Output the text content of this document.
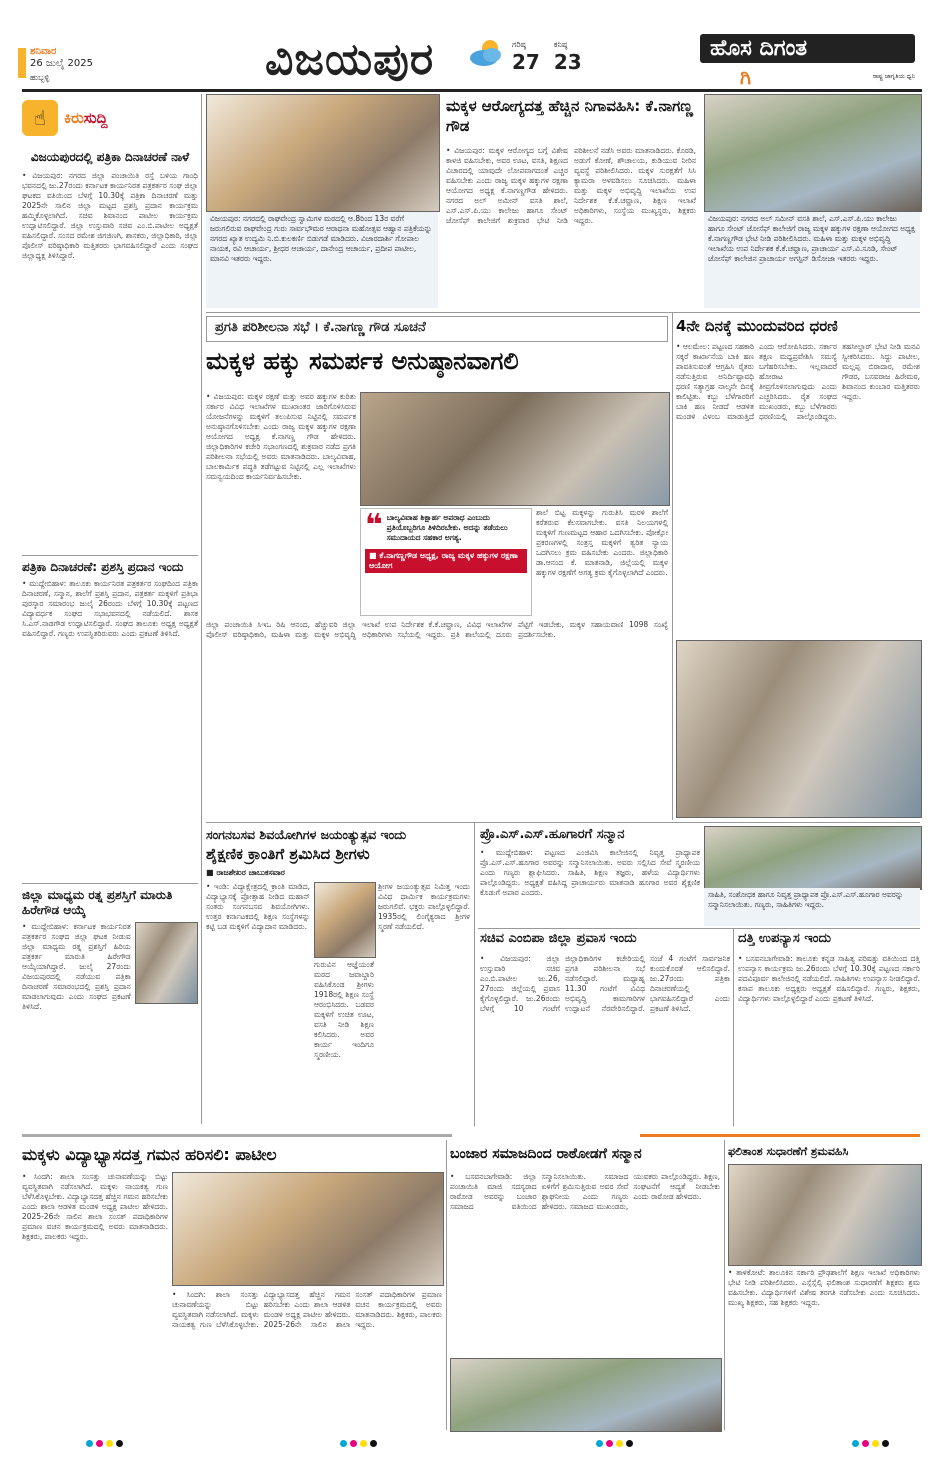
ಶನಿವಾರ
26 ಜುಲೈ 2025
ಹುಬ್ಬಳ್ಳಿ	ವಿಜಯಪುರ	ಗರಿಷ್ಠ
27
ಕನಿಷ್ಠ
23
ಹೊಸ ದಿಗಂತ
ಗಿ	ರಾಷ್ಟ್ರ ಜಾಗೃತಿಯ ಧ್ವನಿ
☝	ಕಿರುಸುದ್ದಿ
ವಿಜಯಪುರದಲ್ಲಿ ಪತ್ರಿಕಾ ದಿನಾಚರಣೆ ನಾಳೆ
• ವಿಜಯಪುರ: ನಗರದ ಜಿಲ್ಲಾ ಪಂಚಾಯಿತಿ ರಸ್ತೆ ಬಳಿಯ ಗಾಂಧಿ ಭವನದಲ್ಲಿ ಜು.27ರಂದು ಕರ್ನಾಟಕ ಕಾರ್ಯನಿರತ ಪತ್ರಕರ್ತರ ಸಂಘ ಜಿಲ್ಲಾ ಘಟಕದ ವತಿಯಿಂದ ಬೆಳಗ್ಗೆ 10.30ಕ್ಕೆ ಪತ್ರಿಕಾ ದಿನಾಚರಣೆ ಮತ್ತು 2025ನೇ ಸಾಲಿನ ಜಿಲ್ಲಾ ಮಟ್ಟದ ಪ್ರಶಸ್ತಿ ಪ್ರದಾನ ಕಾರ್ಯಕ್ರಮ ಹಮ್ಮಿಕೊಳ್ಳಲಾಗಿದೆ. ಸಚಿವ ಶಿವಾನಂದ ಪಾಟೀಲ ಕಾರ್ಯಕ್ರಮ ಉದ್ಘಾಟಿಸಲಿದ್ದಾರೆ. ಜಿಲ್ಲಾ ಉಸ್ತುವಾರಿ ಸಚಿವ ಎಂ.ಬಿ.ಪಾಟೀಲ ಅಧ್ಯಕ್ಷತೆ ವಹಿಸಲಿದ್ದಾರೆ. ಸಂಸದ ರಮೇಶ ಜಿಗಜಿಣಗಿ, ಶಾಸಕರು, ಜಿಲ್ಲಾಧಿಕಾರಿ, ಜಿಲ್ಲಾ ಪೊಲೀಸ್ ವರಿಷ್ಠಾಧಿಕಾರಿ ಮತ್ತಿತರರು ಭಾಗವಹಿಸಲಿದ್ದಾರೆ ಎಂದು ಸಂಘದ ಜಿಲ್ಲಾಧ್ಯಕ್ಷ ತಿಳಿಸಿದ್ದಾರೆ.
ಪತ್ರಿಕಾ ದಿನಾಚರಣೆ: ಪ್ರಶಸ್ತಿ ಪ್ರದಾನ ಇಂದು
• ಮುದ್ದೇಬಿಹಾಳ: ತಾಲೂಕು ಕಾರ್ಯನಿರತ ಪತ್ರಕರ್ತರ ಸಂಘದಿಂದ ಪತ್ರಿಕಾ ದಿನಾಚರಣೆ, ಸನ್ಮಾನ, ಶಾಲೆಗೆ ಪ್ರಶಸ್ತಿ ಪ್ರದಾನ, ಪತ್ರಕರ್ತ ಮಕ್ಕಳಿಗೆ ಪ್ರತಿಭಾ ಪುರಸ್ಕಾರ ಸಮಾರಂಭ ಜುಲೈ 26ರಂದು ಬೆಳಗ್ಗೆ 10.30ಕ್ಕೆ ಪಟ್ಟಣದ ವಿದ್ಯಾವರ್ಧಕ ಸಂಘದ ಸಭಾಭವನದಲ್ಲಿ ನಡೆಯಲಿದೆ. ಶಾಸಕ ಸಿ.ಎಸ್.ನಾಡಗೌಡ ಉದ್ಘಾಟಿಸಲಿದ್ದಾರೆ. ಸಂಘದ ತಾಲೂಕು ಅಧ್ಯಕ್ಷ ಅಧ್ಯಕ್ಷತೆ ವಹಿಸಲಿದ್ದಾರೆ. ಗಣ್ಯರು ಉಪಸ್ಥಿತರಿರುವರು ಎಂದು ಪ್ರಕಟಣೆ ತಿಳಿಸಿದೆ.
ಜಿಲ್ಲಾ ಮಾಧ್ಯಮ ರತ್ನ ಪ್ರಶಸ್ತಿಗೆ ಮಾರುತಿ ಹಿರೇಗೌಡ ಆಯ್ಕೆ
• ಮುದ್ದೇಬಿಹಾಳ: ಕರ್ನಾಟಕ ಕಾರ್ಯನಿರತ ಪತ್ರಕರ್ತರ ಸಂಘದ ಜಿಲ್ಲಾ ಘಟಕ ನೀಡುವ ಜಿಲ್ಲಾ ಮಾಧ್ಯಮ ರತ್ನ ಪ್ರಶಸ್ತಿಗೆ ಹಿರಿಯ ಪತ್ರಕರ್ತ ಮಾರುತಿ ಹಿರೇಗೌಡ ಆಯ್ಕೆಯಾಗಿದ್ದಾರೆ. ಜುಲೈ 27ರಂದು ವಿಜಯಪುರದಲ್ಲಿ ನಡೆಯುವ ಪತ್ರಿಕಾ ದಿನಾಚರಣೆ ಸಮಾರಂಭದಲ್ಲಿ ಪ್ರಶಸ್ತಿ ಪ್ರದಾನ ಮಾಡಲಾಗುವುದು ಎಂದು ಸಂಘದ ಪ್ರಕಟಣೆ ತಿಳಿಸಿದೆ.
ವಿಜಯಪುರ: ನಗರದಲ್ಲಿ ರಾಘವೇಂದ್ರ ಸ್ವಾಮಿಗಳ ಮಠದಲ್ಲಿ ಆ.8ರಿಂದ 13ರ ವರೆಗೆ ಜರುಗಲಿರುವ ರಾಘವೇಂದ್ರ ಗುರು ಸಾರ್ವಭೌಮರ ಆರಾಧನಾ ಮಹೋತ್ಸವ ಆಹ್ವಾನ ಪತ್ರಿಕೆಯನ್ನು ನಗರದ ಖ್ಯಾತ ಉದ್ಯಮಿ ನಿ.ಬಿ.ಕುಲಕರ್ಣಿ ಬಿಡುಗಡೆ ಮಾಡಿದರು. ವಿಜಾರದಾರ್ಶಿ ಗೋಪಾಲ ನಾಯಕ, ರವಿ ಆಚಾರ್ಯ, ಶ್ರೀಧರ ಆಚಾರ್ಯ, ದಾನೇಂದ್ರ ಆಚಾರ್ಯ, ಪ್ರದೀಪ ಪಾಟೀಲ, ಮಾನವಿ ಇತರರು ಇದ್ದರು.
ಮಕ್ಕಳ ಆರೋಗ್ಯದತ್ತ ಹೆಚ್ಚಿನ ನಿಗಾವಹಿಸಿ: ಕೆ.ನಾಗಣ್ಣ ಗೌಡ
• ವಿಜಯಪುರ: ಮಕ್ಕಳ ಆರೋಗ್ಯದ ಬಗ್ಗೆ ವಿಶೇಷ ಕಾಳಜಿ ವಹಿಸಬೇಕು, ಅವರ ಊಟ, ವಸತಿ, ಶಿಕ್ಷಣದ ವಿಚಾರದಲ್ಲಿ ಯಾವುದೇ ಲೋಪವಾಗದಂತೆ ಎಚ್ಚರ ವಹಿಸಬೇಕು ಎಂದು ರಾಜ್ಯ ಮಕ್ಕಳ ಹಕ್ಕುಗಳ ರಕ್ಷಣಾ ಆಯೋಗದ ಅಧ್ಯಕ್ಷ ಕೆ.ನಾಗಣ್ಣಗೌಡ ಹೇಳಿದರು. ನಗರದ ಅಲ್ ಅಮೀನ್ ವಸತಿ ಶಾಲೆ, ಎಸ್.ಎಸ್.ಪಿ.ಯು ಕಾಲೇಜು ಹಾಗೂ ಸೇಂಟ್ ಜೋಸೆಫ್ ಕಾಲೇಜಿಗೆ ಶುಕ್ರವಾರ ಭೇಟಿ ನೀಡಿ ಪರಿಶೀಲನೆ ನಡೆಸಿ ಅವರು ಮಾತನಾಡಿದರು. ಕೊಠಡಿ, ಅಡುಗೆ ಕೋಣೆ, ಶೌಚಾಲಯ, ಕುಡಿಯುವ ನೀರಿನ ವ್ಯವಸ್ಥೆ ಪರಿಶೀಲಿಸಿದರು. ಮಕ್ಕಳ ಸುರಕ್ಷತೆಗೆ ಸಿಸಿ ಕ್ಯಾಮರಾ ಅಳವಡಿಸಲು ಸೂಚಿಸಿದರು. ಮಹಿಳಾ ಮತ್ತು ಮಕ್ಕಳ ಅಭಿವೃದ್ಧಿ ಇಲಾಖೆಯ ಉಪ ನಿರ್ದೇಶಕ ಕೆ.ಕೆ.ಚವ್ಹಾಣ, ಶಿಕ್ಷಣ ಇಲಾಖೆ ಅಧಿಕಾರಿಗಳು, ಸಂಸ್ಥೆಯ ಮುಖ್ಯಸ್ಥರು, ಶಿಕ್ಷಕರು ಇದ್ದರು.	ವಿಜಯಪುರ: ನಗರದ ಅಲ್ ಸಮೀನ್ ವಸತಿ ಶಾಲೆ, ಎಸ್.ಎಸ್.ಪಿ.ಯು ಕಾಲೇಜು ಹಾಗೂ ಸೇಂಟ್ ಜೋಸೆಫ್ ಕಾಲೇಜಿಗೆ ರಾಜ್ಯ ಮಕ್ಕಳ ಹಕ್ಕುಗಳ ರಕ್ಷಣಾ ಆಯೋಗದ ಅಧ್ಯಕ್ಷ ಕೆ.ನಾಗಣ್ಣಗೌಡ ಭೇಟಿ ನೀಡಿ ಪರಿಶೀಲಿಸಿದರು. ಮಹಿಳಾ ಮತ್ತು ಮಕ್ಕಳ ಅಭಿವೃದ್ಧಿ ಇಲಾಖೆಯ ಉಪ ನಿರ್ದೇಶಕ ಕೆ.ಕೆ.ಚವ್ಹಾಣ, ಪ್ರಾಚಾರ್ಯ ಎಸ್.ವಿ.ಸೂಡಿ, ಸೇಂಟ್ ಜೋಸೆಫ್ ಕಾಲೇಜಿನ ಪ್ರಾಚಾರ್ಯ ಅಗಸ್ಟಿನ್ ಡಿಸೋಜಾ ಇತರರು ಇದ್ದರು.
ಪ್ರಗತಿ ಪರಿಶೀಲನಾ ಸಭೆ । ಕೆ.ನಾಗಣ್ಣ ಗೌಡ ಸೂಚನೆ
ಮಕ್ಕಳ ಹಕ್ಕು ಸಮರ್ಪಕ ಅನುಷ್ಠಾನವಾಗಲಿ
• ವಿಜಯಪುರ: ಮಕ್ಕಳ ರಕ್ಷಣೆ ಮತ್ತು ಅವರ ಹಕ್ಕುಗಳ ಕುರಿತು ಸರ್ಕಾರ ವಿವಿಧ ಇಲಾಖೆಗಳ ಮುಖಾಂತರ ಜಾರಿಗೊಳಿಸಿರುವ ಯೋಜನೆಗಳನ್ನು ಮಕ್ಕಳಿಗೆ ತಲುಪಿಸುವ ನಿಟ್ಟಿನಲ್ಲಿ ಸಮರ್ಪಕ ಅನುಷ್ಠಾನಗೊಳಿಸಬೇಕು ಎಂದು ರಾಜ್ಯ ಮಕ್ಕಳ ಹಕ್ಕುಗಳ ರಕ್ಷಣಾ ಆಯೋಗದ ಅಧ್ಯಕ್ಷ ಕೆ.ನಾಗಣ್ಣ ಗೌಡ ಹೇಳಿದರು. ಜಿಲ್ಲಾಧಿಕಾರಿಗಳ ಕಚೇರಿ ಸಭಾಂಗಣದಲ್ಲಿ ಶುಕ್ರವಾರ ನಡೆದ ಪ್ರಗತಿ ಪರಿಶೀಲನಾ ಸಭೆಯಲ್ಲಿ ಅವರು ಮಾತನಾಡಿದರು. ಬಾಲ್ಯವಿವಾಹ, ಬಾಲಕಾರ್ಮಿಕ ಪದ್ಧತಿ ತಡೆಗಟ್ಟುವ ನಿಟ್ಟಿನಲ್ಲಿ ಎಲ್ಲ ಇಲಾಖೆಗಳು ಸಮನ್ವಯದಿಂದ ಕಾರ್ಯನಿರ್ವಹಿಸಬೇಕು.
❝ ಬಾಲ್ಯವಿವಾಹ ಶಿಕ್ಷಾರ್ಹ ಅಪರಾಧ ಎಂಬುದು ಪ್ರತಿಯೊಬ್ಬರಿಗೂ ತಿಳಿದಿರಬೇಕು. ಅದನ್ನು ತಡೆಯಲು ಸಮುದಾಯದ ಸಹಕಾರ ಅಗತ್ಯ.
■ ಕೆ.ನಾಗಣ್ಣಗೌಡ ಅಧ್ಯಕ್ಷ, ರಾಜ್ಯ ಮಕ್ಕಳ ಹಕ್ಕುಗಳ ರಕ್ಷಣಾ ಆಯೋಗ
ಶಾಲೆ ಬಿಟ್ಟ ಮಕ್ಕಳನ್ನು ಗುರುತಿಸಿ ಮರಳಿ ಶಾಲೆಗೆ ಕರೆತರುವ ಕೆಲಸವಾಗಬೇಕು. ವಸತಿ ನಿಲಯಗಳಲ್ಲಿ ಮಕ್ಕಳಿಗೆ ಗುಣಮಟ್ಟದ ಆಹಾರ ಒದಗಿಸಬೇಕು. ಪೋಕ್ಸೋ ಪ್ರಕರಣಗಳಲ್ಲಿ ಸಂತ್ರಸ್ತ ಮಕ್ಕಳಿಗೆ ತ್ವರಿತ ನ್ಯಾಯ ಒದಗಿಸಲು ಕ್ರಮ ವಹಿಸಬೇಕು ಎಂದರು. ಜಿಲ್ಲಾಧಿಕಾರಿ ಡಾ.ಆನಂದ ಕೆ. ಮಾತನಾಡಿ, ಜಿಲ್ಲೆಯಲ್ಲಿ ಮಕ್ಕಳ ಹಕ್ಕುಗಳ ರಕ್ಷಣೆಗೆ ಅಗತ್ಯ ಕ್ರಮ ಕೈಗೊಳ್ಳಲಾಗಿದೆ ಎಂದರು.
ಜಿಲ್ಲಾ ಪಂಚಾಯಿತಿ ಸಿಇಒ ರಿಷಿ ಆನಂದ, ಹೆಚ್ಚುವರಿ ಜಿಲ್ಲಾ ಪೊಲೀಸ್ ವರಿಷ್ಠಾಧಿಕಾರಿ, ಮಹಿಳಾ ಮತ್ತು ಮಕ್ಕಳ ಅಭಿವೃದ್ಧಿ ಇಲಾಖೆ ಉಪ ನಿರ್ದೇಶಕ ಕೆ.ಕೆ.ಚವ್ಹಾಣ, ವಿವಿಧ ಇಲಾಖೆಗಳ ಅಧಿಕಾರಿಗಳು ಸಭೆಯಲ್ಲಿ ಇದ್ದರು. ಪ್ರತಿ ಶಾಲೆಯಲ್ಲಿ ದೂರು ಪೆಟ್ಟಿಗೆ ಇಡಬೇಕು, ಮಕ್ಕಳ ಸಹಾಯವಾಣಿ 1098 ಸಂಖ್ಯೆ ಪ್ರದರ್ಶಿಸಬೇಕು.
4ನೇ ದಿನಕ್ಕೆ ಮುಂದುವರಿದ ಧರಣಿ
• ಆಲಮೇಲ: ಪಟ್ಟಣದ ಸಹಕಾರಿ ಸಕ್ಕರೆ ಕಾರ್ಖಾನೆಯ ಬಾಕಿ ಹಣ ಪಾವತಿಸುವಂತೆ ಆಗ್ರಹಿಸಿ ರೈತರು ನಡೆಸುತ್ತಿರುವ ಅನಿರ್ದಿಷ್ಟಾವಧಿ ಧರಣಿ ಸತ್ಯಾಗ್ರಹ ನಾಲ್ಕನೇ ದಿನಕ್ಕೆ ಕಾಲಿಟ್ಟಿತು. ಕಬ್ಬು ಬೆಳೆಗಾರರಿಗೆ ಬಾಕಿ ಹಣ ನೀಡದೆ ಆಡಳಿತ ಮಂಡಳಿ ವಿಳಂಬ ಮಾಡುತ್ತಿದೆ ಎಂದು ಆರೋಪಿಸಿದರು. ಸರ್ಕಾರ ತಕ್ಷಣ ಮಧ್ಯಪ್ರವೇಶಿಸಿ ಸಮಸ್ಯೆ ಬಗೆಹರಿಸಬೇಕು. ಇಲ್ಲವಾದರೆ ಹೋರಾಟ ತೀವ್ರಗೊಳಿಸಲಾಗುವುದು ಎಂದು ಎಚ್ಚರಿಸಿದರು. ರೈತ ಸಂಘದ ಮುಖಂಡರು, ಕಬ್ಬು ಬೆಳೆಗಾರರು ಧರಣಿಯಲ್ಲಿ ಪಾಲ್ಗೊಂಡಿದ್ದರು. ತಹಸೀಲ್ದಾರ್ ಭೇಟಿ ನೀಡಿ ಮನವಿ ಸ್ವೀಕರಿಸಿದರು. ಸಿದ್ದು ಪಾಟೀಲ, ಮಲ್ಲಪ್ಪ ಬಿರಾದಾರ, ರಮೇಶ ಗೌಡರ, ಬಸವರಾಜ ಹಿರೇಮಠ, ಶಿವಾನಂದ ಕುಂಬಾರ ಮತ್ತಿತರರು ಇದ್ದರು.
ಸಂಗನಬಸವ ಶಿವಯೋಗಿಗಳ ಜಯಂತ್ಯುತ್ಸವ ಇಂದು
ಶೈಕ್ಷಣಿಕ ಕ್ರಾಂತಿಗೆ ಶ್ರಮಿಸಿದ ಶ್ರೀಗಳು
■ ರಾಜಶೇಖರ ಚಾಬುಕಸವಾರ
• ಇಂಡಿ: ವಿದ್ಯಾಕ್ಷೇತ್ರದಲ್ಲಿ ಕ್ರಾಂತಿ ಮಾಡಿದ, ವಿದ್ಯಾಭ್ಯಾಸಕ್ಕೆ ಪ್ರೋತ್ಸಾಹ ನೀಡಿದ ಮಹಾನ್ ಸಂತರು ಸಂಗನಬಸವ ಶಿವಯೋಗಿಗಳು. ಉತ್ತರ ಕರ್ನಾಟಕದಲ್ಲಿ ಶಿಕ್ಷಣ ಸಂಸ್ಥೆಗಳನ್ನು ಕಟ್ಟಿ ಬಡ ಮಕ್ಕಳಿಗೆ ವಿದ್ಯಾದಾನ ಮಾಡಿದರು.
ಗುರುವಿನ ಆಜ್ಞೆಯಂತೆ ಮಠದ ಜವಾಬ್ದಾರಿ ವಹಿಸಿಕೊಂಡ ಶ್ರೀಗಳು 1918ರಲ್ಲಿ ಶಿಕ್ಷಣ ಸಂಸ್ಥೆ ಆರಂಭಿಸಿದರು. ಬಡವರ ಮಕ್ಕಳಿಗೆ ಉಚಿತ ಊಟ, ವಸತಿ ನೀಡಿ ಶಿಕ್ಷಣ ಕಲಿಸಿದರು. ಅವರ ಕಾರ್ಯ ಇಂದಿಗೂ ಸ್ಮರಣೀಯ.
ಶ್ರೀಗಳ ಜಯಂತ್ಯುತ್ಸವ ನಿಮಿತ್ತ ಇಂದು ವಿವಿಧ ಧಾರ್ಮಿಕ ಕಾರ್ಯಕ್ರಮಗಳು ಜರುಗಲಿವೆ. ಭಕ್ತರು ಪಾಲ್ಗೊಳ್ಳಲಿದ್ದಾರೆ. 1935ರಲ್ಲಿ ಲಿಂಗೈಕ್ಯರಾದ ಶ್ರೀಗಳ ಸ್ಮರಣೆ ನಡೆಯಲಿದೆ.
ಪ್ರೊ.ಎಸ್.ಎಸ್.ಹೂಗಾರಗೆ ಸನ್ಮಾನ
• ಮುದ್ದೇಬಿಹಾಳ: ಪಟ್ಟಣದ ಎಂಜಿವಿಸಿ ಕಾಲೇಜಿನಲ್ಲಿ ನಿವೃತ್ತ ಪ್ರಾಧ್ಯಾಪಕ ಪ್ರೊ.ಎಸ್.ಎಸ್.ಹೂಗಾರ ಅವರನ್ನು ಸನ್ಮಾನಿಸಲಾಯಿತು. ಅವರು ಸಲ್ಲಿಸಿದ ಸೇವೆ ಸ್ಮರಣೀಯ ಎಂದು ಗಣ್ಯರು ಶ್ಲಾಘಿಸಿದರು. ಸಾಹಿತಿ, ಶಿಕ್ಷಣ ತಜ್ಞರು, ಹಳೆಯ ವಿದ್ಯಾರ್ಥಿಗಳು ಪಾಲ್ಗೊಂಡಿದ್ದರು. ಅಧ್ಯಕ್ಷತೆ ವಹಿಸಿದ್ದ ಪ್ರಾಚಾರ್ಯರು ಮಾತನಾಡಿ ಹೂಗಾರ ಅವರ ಶೈಕ್ಷಣಿಕ ಕೊಡುಗೆ ಅಪಾರ ಎಂದರು.	ಸಾಹಿತಿ, ಸಂಶೋಧಕ ಹಾಗೂ ನಿವೃತ್ತ ಪ್ರಾಧ್ಯಾಪಕ ಪ್ರೊ.ಎಸ್.ಎಸ್.ಹೂಗಾರ ಅವರನ್ನು ಸನ್ಮಾನಿಸಲಾಯಿತು. ಗಣ್ಯರು, ಸಾಹಿತಿಗಳು ಇದ್ದರು.
ಸಚಿವ ಎಂಬಿಪಾ ಜಿಲ್ಲಾ ಪ್ರವಾಸ ಇಂದು
• ವಿಜಯಪುರ: ಜಿಲ್ಲಾ ಉಸ್ತುವಾರಿ ಸಚಿವ ಎಂ.ಬಿ.ಪಾಟೀಲ ಜು.26, 27ರಂದು ಜಿಲ್ಲೆಯಲ್ಲಿ ಪ್ರವಾಸ ಕೈಗೊಳ್ಳಲಿದ್ದಾರೆ. ಜು.26ರಂದು ಬೆಳಗ್ಗೆ 10 ಗಂಟೆಗೆ ಜಿಲ್ಲಾಧಿಕಾರಿಗಳ ಕಚೇರಿಯಲ್ಲಿ ಪ್ರಗತಿ ಪರಿಶೀಲನಾ ಸಭೆ ನಡೆಸಲಿದ್ದಾರೆ. ಮಧ್ಯಾಹ್ನ 11.30 ಗಂಟೆಗೆ ವಿವಿಧ ಅಭಿವೃದ್ಧಿ ಕಾಮಗಾರಿಗಳ ಉದ್ಘಾಟನೆ ನೆರವೇರಿಸಲಿದ್ದಾರೆ. ಸಂಜೆ 4 ಗಂಟೆಗೆ ಸಾರ್ವಜನಿಕ ಕುಂದುಕೊರತೆ ಆಲಿಸಲಿದ್ದಾರೆ. ಜು.27ರಂದು ಪತ್ರಿಕಾ ದಿನಾಚರಣೆಯಲ್ಲಿ ಭಾಗವಹಿಸಲಿದ್ದಾರೆ ಎಂದು ಪ್ರಕಟಣೆ ತಿಳಿಸಿದೆ.
ದತ್ತಿ ಉಪನ್ಯಾಸ ಇಂದು
• ಬಸವನಬಾಗೇವಾಡಿ: ತಾಲೂಕು ಕನ್ನಡ ಸಾಹಿತ್ಯ ಪರಿಷತ್ತು ವತಿಯಿಂದ ದತ್ತಿ ಉಪನ್ಯಾಸ ಕಾರ್ಯಕ್ರಮ ಜು.26ರಂದು ಬೆಳಗ್ಗೆ 10.30ಕ್ಕೆ ಪಟ್ಟಣದ ಸರ್ಕಾರಿ ಪದವಿಪೂರ್ವ ಕಾಲೇಜಿನಲ್ಲಿ ನಡೆಯಲಿದೆ. ಸಾಹಿತಿಗಳು ಉಪನ್ಯಾಸ ನೀಡಲಿದ್ದಾರೆ. ಕಸಾಪ ತಾಲೂಕು ಅಧ್ಯಕ್ಷರು ಅಧ್ಯಕ್ಷತೆ ವಹಿಸಲಿದ್ದಾರೆ. ಗಣ್ಯರು, ಶಿಕ್ಷಕರು, ವಿದ್ಯಾರ್ಥಿಗಳು ಪಾಲ್ಗೊಳ್ಳಲಿದ್ದಾರೆ ಎಂದು ಪ್ರಕಟಣೆ ತಿಳಿಸಿದೆ.
ಮಕ್ಕಳು ವಿದ್ಯಾಭ್ಯಾಸದತ್ತ ಗಮನ ಹರಿಸಲಿ: ಪಾಟೀಲ
• ಸಿಂದಗಿ: ಶಾಲಾ ಸಂಸತ್ತು ಚುನಾವಣೆಯನ್ನು ಬಿಟ್ಟು ವ್ಯವಸ್ಥಿತವಾಗಿ ನಡೆಸಲಾಗಿದೆ. ಮಕ್ಕಳು ನಾಯಕತ್ವ ಗುಣ ಬೆಳೆಸಿಕೊಳ್ಳಬೇಕು. ವಿದ್ಯಾಭ್ಯಾಸದತ್ತ ಹೆಚ್ಚಿನ ಗಮನ ಹರಿಸಬೇಕು ಎಂದು ಶಾಲಾ ಆಡಳಿತ ಮಂಡಳಿ ಅಧ್ಯಕ್ಷ ಪಾಟೀಲ ಹೇಳಿದರು. 2025-26ನೇ ಸಾಲಿನ ಶಾಲಾ ಸಂಸತ್ ಪದಾಧಿಕಾರಿಗಳ ಪ್ರಮಾಣ ವಚನ ಕಾರ್ಯಕ್ರಮದಲ್ಲಿ ಅವರು ಮಾತನಾಡಿದರು. ಶಿಕ್ಷಕರು, ಪಾಲಕರು ಇದ್ದರು.
• ಸಿಂದಗಿ: ಶಾಲಾ ಸಂಸತ್ತು ಚುನಾವಣೆಯನ್ನು ಬಿಟ್ಟು ವ್ಯವಸ್ಥಿತವಾಗಿ ನಡೆಸಲಾಗಿದೆ. ಮಕ್ಕಳು ನಾಯಕತ್ವ ಗುಣ ಬೆಳೆಸಿಕೊಳ್ಳಬೇಕು. ವಿದ್ಯಾಭ್ಯಾಸದತ್ತ ಹೆಚ್ಚಿನ ಗಮನ ಹರಿಸಬೇಕು ಎಂದು ಶಾಲಾ ಆಡಳಿತ ಮಂಡಳಿ ಅಧ್ಯಕ್ಷ ಪಾಟೀಲ ಹೇಳಿದರು. 2025-26ನೇ ಸಾಲಿನ ಶಾಲಾ ಸಂಸತ್ ಪದಾಧಿಕಾರಿಗಳ ಪ್ರಮಾಣ ವಚನ ಕಾರ್ಯಕ್ರಮದಲ್ಲಿ ಅವರು ಮಾತನಾಡಿದರು. ಶಿಕ್ಷಕರು, ಪಾಲಕರು ಇದ್ದರು.
ಬಂಜಾರ ಸಮಾಜದಿಂದ ರಾಠೋಡಗೆ ಸನ್ಮಾನ
• ಬಸವನಬಾಗೇವಾಡಿ: ಜಿಲ್ಲಾ ಪಂಚಾಯಿತಿ ಮಾಜಿ ಸದಸ್ಯರಾದ ರಾಠೋಡ ಅವರನ್ನು ಬಂಜಾರ ಸಮಾಜದ ವತಿಯಿಂದ ಸನ್ಮಾನಿಸಲಾಯಿತು. ಸಮಾಜದ ಏಳಿಗೆಗೆ ಶ್ರಮಿಸುತ್ತಿರುವ ಅವರ ಸೇವೆ ಶ್ಲಾಘನೀಯ ಎಂದು ಗಣ್ಯರು ಹೇಳಿದರು. ಸಮಾಜದ ಮುಖಂಡರು, ಯುವಕರು ಪಾಲ್ಗೊಂಡಿದ್ದರು. ಶಿಕ್ಷಣ, ಸಂಘಟನೆಗೆ ಆದ್ಯತೆ ನೀಡಬೇಕು ಎಂದು ರಾಠೋಡ ಹೇಳಿದರು.
ಫಲಿತಾಂಶ ಸುಧಾರಣೆಗೆ ಶ್ರಮವಹಿಸಿ
• ತಾಳಿಕೋಟೆ: ತಾಲೂಕಿನ ಸರ್ಕಾರಿ ಪ್ರೌಢಶಾಲೆಗೆ ಶಿಕ್ಷಣ ಇಲಾಖೆ ಅಧಿಕಾರಿಗಳು ಭೇಟಿ ನೀಡಿ ಪರಿಶೀಲಿಸಿದರು. ಎಸ್ಸೆಸ್ಸೆಲ್ಸಿ ಫಲಿತಾಂಶ ಸುಧಾರಣೆಗೆ ಶಿಕ್ಷಕರು ಶ್ರಮ ವಹಿಸಬೇಕು. ವಿದ್ಯಾರ್ಥಿಗಳಿಗೆ ವಿಶೇಷ ತರಗತಿ ನಡೆಸಬೇಕು ಎಂದು ಸೂಚಿಸಿದರು. ಮುಖ್ಯ ಶಿಕ್ಷಕರು, ಸಹ ಶಿಕ್ಷಕರು ಇದ್ದರು.
